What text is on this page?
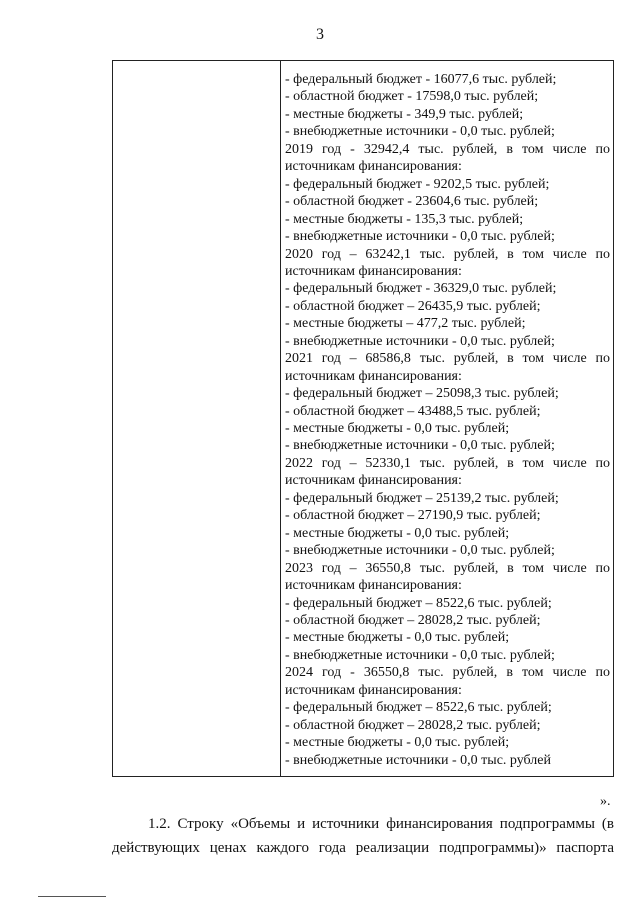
3
- федеральный бюджет - 16077,6 тыс. рублей;
- областной бюджет - 17598,0 тыс. рублей;
- местные бюджеты - 349,9 тыс. рублей;
- внебюджетные источники - 0,0 тыс. рублей;
2019 год - 32942,4 тыс. рублей, в том числе по
источникам финансирования:
- федеральный бюджет - 9202,5 тыс. рублей;
- областной бюджет - 23604,6 тыс. рублей;
- местные бюджеты - 135,3 тыс. рублей;
- внебюджетные источники - 0,0 тыс. рублей;
2020 год – 63242,1 тыс. рублей, в том числе по
источникам финансирования:
- федеральный бюджет - 36329,0 тыс. рублей;
- областной бюджет – 26435,9 тыс. рублей;
- местные бюджеты – 477,2 тыс. рублей;
- внебюджетные источники - 0,0 тыс. рублей;
2021 год – 68586,8 тыс. рублей, в том числе по
источникам финансирования:
- федеральный бюджет – 25098,3 тыс. рублей;
- областной бюджет – 43488,5 тыс. рублей;
- местные бюджеты - 0,0 тыс. рублей;
- внебюджетные источники - 0,0 тыс. рублей;
2022 год – 52330,1 тыс. рублей, в том числе по
источникам финансирования:
- федеральный бюджет – 25139,2 тыс. рублей;
- областной бюджет – 27190,9 тыс. рублей;
- местные бюджеты - 0,0 тыс. рублей;
- внебюджетные источники - 0,0 тыс. рублей;
2023 год – 36550,8 тыс. рублей, в том числе по
источникам финансирования:
- федеральный бюджет – 8522,6 тыс. рублей;
- областной бюджет – 28028,2 тыс. рублей;
- местные бюджеты - 0,0 тыс. рублей;
- внебюджетные источники - 0,0 тыс. рублей;
2024 год - 36550,8 тыс. рублей, в том числе по
источникам финансирования:
- федеральный бюджет – 8522,6 тыс. рублей;
- областной бюджет – 28028,2 тыс. рублей;
- местные бюджеты - 0,0 тыс. рублей;
- внебюджетные источники - 0,0 тыс. рублей
».
1.2. Строку «Объемы и источники финансирования подпрограммы (в
действующих ценах каждого года реализации подпрограммы)» паспорта
